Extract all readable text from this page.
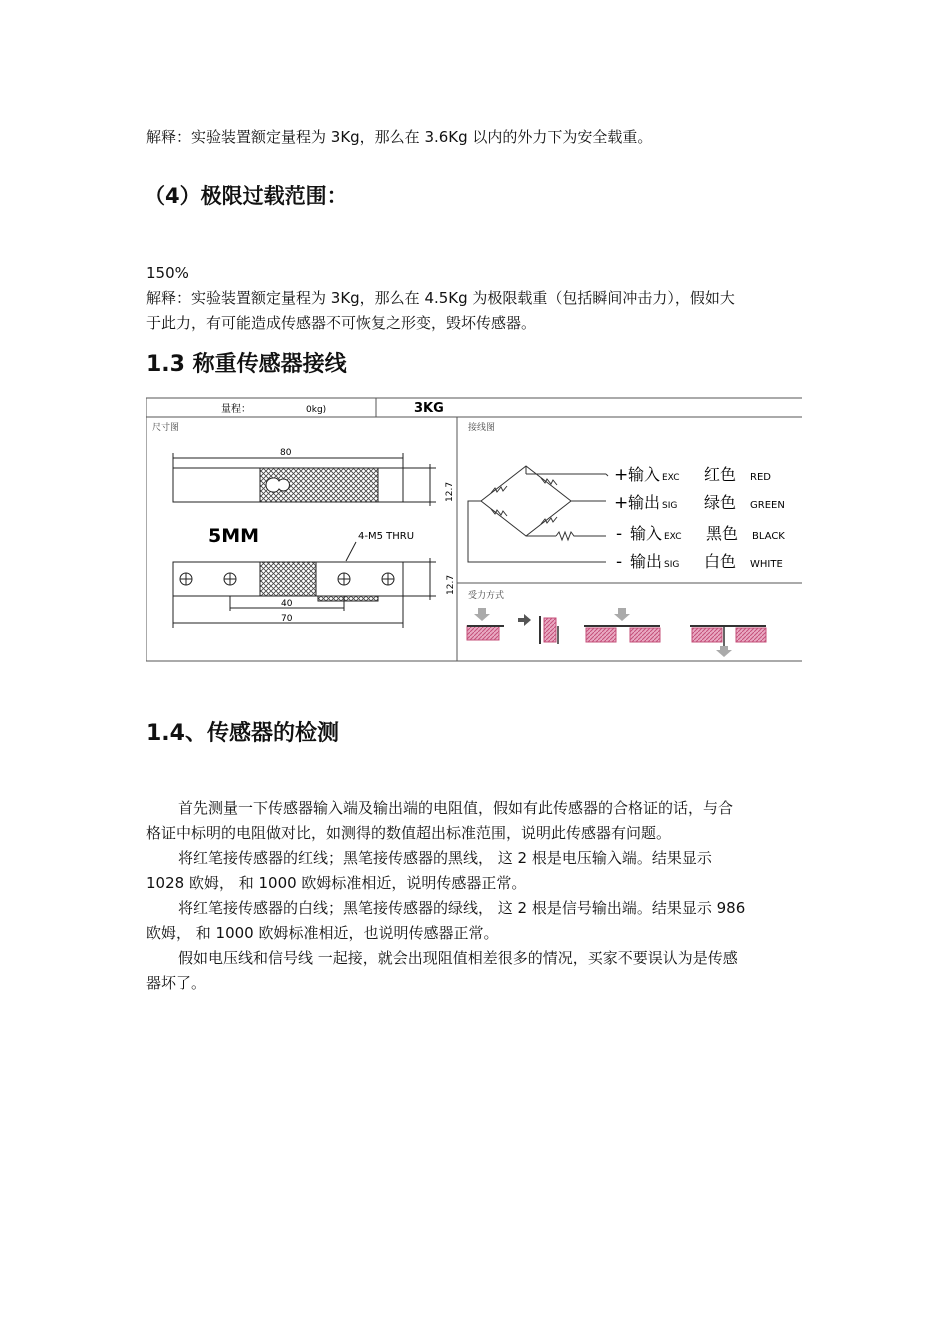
解释：实验装置额定量程为 3Kg，那么在 3.6Kg 以内的外力下为安全载重。
（4）极限过载范围：
150%
解释：实验装置额定量程为 3Kg，那么在 4.5Kg 为极限载重（包括瞬间冲击力），假如大
于此力，有可能造成传感器不可恢复之形变，毁坏传感器。
1.3 称重传感器接线
量程：	0kg)	3KG
尺寸图
80
12.7
5MM	4-M5 THRU
40
70
12.7
接线图
+ 输入 EXC 红色 RED
+ 输出 SIG 绿色 GREEN
- 输入 EXC 黑色 BLACK
- 输出 SIG 白色 WHITE
受力方式
1.4、传感器的检测
首先测量一下传感器输入端及输出端的电阻值，假如有此传感器的合格证的话，与合
格证中标明的电阻做对比，如测得的数值超出标准范围，说明此传感器有问题。
将红笔接传感器的红线；黑笔接传感器的黑线， 这 2 根是电压输入端。结果显示
1028 欧姆， 和 1000 欧姆标准相近，说明传感器正常。
将红笔接传感器的白线；黑笔接传感器的绿线， 这 2 根是信号输出端。结果显示 986
欧姆， 和 1000 欧姆标准相近，也说明传感器正常。
假如电压线和信号线 一起接，就会出现阻值相差很多的情况，买家不要误认为是传感
器坏了。
